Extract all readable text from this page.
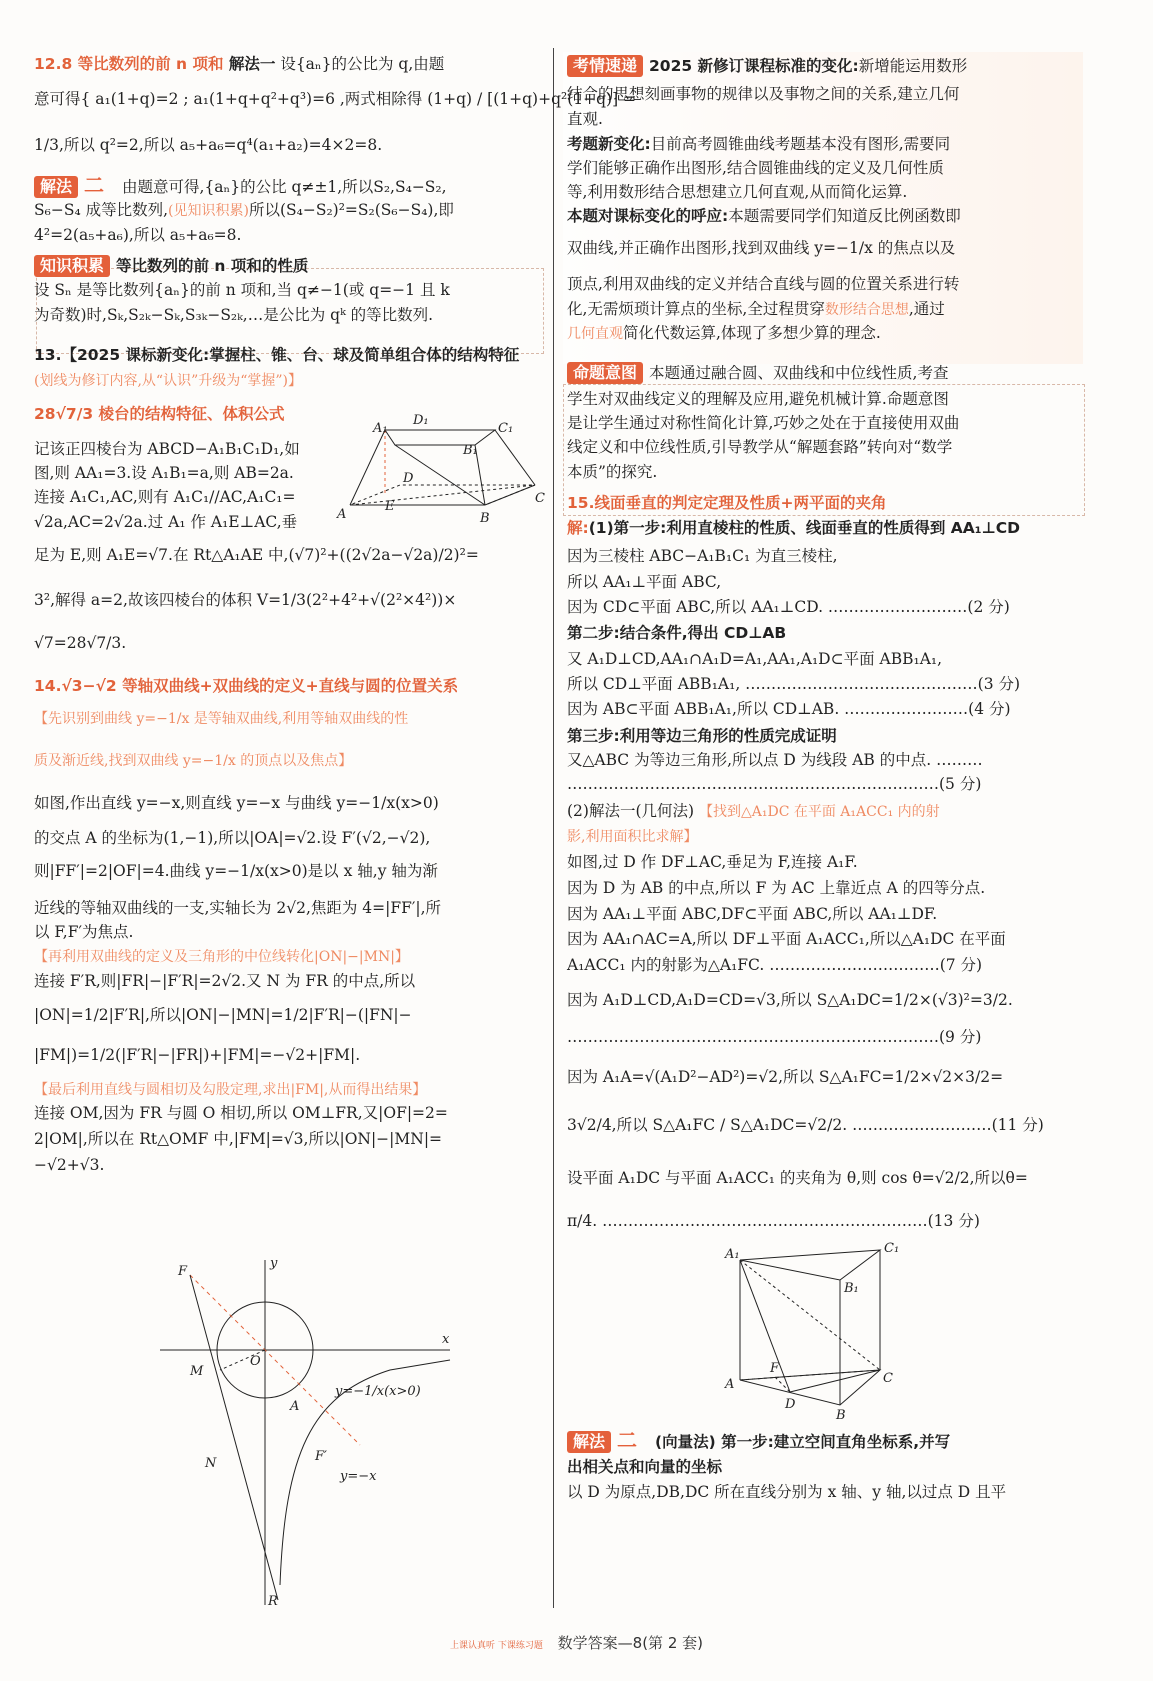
12.8 等比数列的前 n 项和 解法一 设{aₙ}的公比为 q,由题
意可得{ a₁(1+q)=2 ; a₁(1+q+q²+q³)=6 ,两式相除得 (1+q) / [(1+q)+q²(1+q)] =
1/3,所以 q²=2,所以 a₅+a₆=q⁴(a₁+a₂)=4×2=8.
解法 二 由题意可得,{aₙ}的公比 q≠±1,所以S₂,S₄−S₂,
S₆−S₄ 成等比数列,(见知识积累)所以(S₄−S₂)²=S₂(S₆−S₄),即
4²=2(a₅+a₆),所以 a₅+a₆=8.
知识积累 等比数列的前 n 项和的性质
设 Sₙ 是等比数列{aₙ}的前 n 项和,当 q≠−1(或 q=−1 且 k
为奇数)时,Sₖ,S₂ₖ−Sₖ,S₃ₖ−S₂ₖ,…是公比为 qᵏ 的等比数列.
13.【2025 课标新变化:掌握柱、锥、台、球及简单组合体的结构特征
(划线为修订内容,从“认识”升级为“掌握”)】
28√7/3 棱台的结构特征、体积公式
记该正四棱台为 ABCD−A₁B₁C₁D₁,如
图,则 AA₁=3.设 A₁B₁=a,则 AB=2a.
连接 A₁C₁,AC,则有 A₁C₁//AC,A₁C₁=
√2a,AC=2√2a.过 A₁ 作 A₁E⊥AC,垂
足为 E,则 A₁E=√7.在 Rt△A₁AE 中,(√7)²+((2√2a−√2a)/2)²=
3²,解得 a=2,故该四棱台的体积 V=1/3(2²+4²+√(2²×4²))×
√7=28√7/3.
14.√3−√2 等轴双曲线+双曲线的定义+直线与圆的位置关系
【先识别到曲线 y=−1/x 是等轴双曲线,利用等轴双曲线的性
质及渐近线,找到双曲线 y=−1/x 的顶点以及焦点】
如图,作出直线 y=−x,则直线 y=−x 与曲线 y=−1/x(x>0)
的交点 A 的坐标为(1,−1),所以|OA|=√2.设 F′(√2,−√2),
则|FF′|=2|OF|=4.曲线 y=−1/x(x>0)是以 x 轴,y 轴为渐
近线的等轴双曲线的一支,实轴长为 2√2,焦距为 4=|FF′|,所
以 F,F′为焦点.
【再利用双曲线的定义及三角形的中位线转化|ON|−|MN|】
连接 F′R,则|FR|−|F′R|=2√2.又 N 为 FR 的中点,所以
|ON|=1/2|F′R|,所以|ON|−|MN|=1/2|F′R|−(|FN|−
|FM|)=1/2(|F′R|−|FR|)+|FM|=−√2+|FM|.
【最后利用直线与圆相切及勾股定理,求出|FM|,从而得出结果】
连接 OM,因为 FR 与圆 O 相切,所以 OM⊥FR,又|OF|=2=
2|OM|,所以在 Rt△OMF 中,|FM|=√3,所以|ON|−|MN|=
−√2+√3.
考情速递 2025 新修订课程标准的变化:新增能运用数形
结合的思想刻画事物的规律以及事物之间的关系,建立几何
直观.
考题新变化:目前高考圆锥曲线考题基本没有图形,需要同
学们能够正确作出图形,结合圆锥曲线的定义及几何性质
等,利用数形结合思想建立几何直观,从而简化运算.
本题对课标变化的呼应:本题需要同学们知道反比例函数即
双曲线,并正确作出图形,找到双曲线 y=−1/x 的焦点以及
顶点,利用双曲线的定义并结合直线与圆的位置关系进行转
化,无需烦琐计算点的坐标,全过程贯穿数形结合思想,通过
几何直观简化代数运算,体现了多想少算的理念.
命题意图 本题通过融合圆、双曲线和中位线性质,考查
学生对双曲线定义的理解及应用,避免机械计算.命题意图
是让学生通过对称性简化计算,巧妙之处在于直接使用双曲
线定义和中位线性质,引导教学从“解题套路”转向对“数学
本质”的探究.
15.线面垂直的判定定理及性质+两平面的夹角
解:(1)第一步:利用直棱柱的性质、线面垂直的性质得到 AA₁⊥CD
因为三棱柱 ABC−A₁B₁C₁ 为直三棱柱,
所以 AA₁⊥平面 ABC,
因为 CD⊂平面 ABC,所以 AA₁⊥CD. ………………………(2 分)
第二步:结合条件,得出 CD⊥AB
又 A₁D⊥CD,AA₁∩A₁D=A₁,AA₁,A₁D⊂平面 ABB₁A₁,
所以 CD⊥平面 ABB₁A₁, ………………………………………(3 分)
因为 AB⊂平面 ABB₁A₁,所以 CD⊥AB. ……………………(4 分)
第三步:利用等边三角形的性质完成证明
又△ABC 为等边三角形,所以点 D 为线段 AB 的中点. ………
………………………………………………………………(5 分)
(2)解法一(几何法) 【找到△A₁DC 在平面 A₁ACC₁ 内的射
影,利用面积比求解】
如图,过 D 作 DF⊥AC,垂足为 F,连接 A₁F.
因为 D 为 AB 的中点,所以 F 为 AC 上靠近点 A 的四等分点.
因为 AA₁⊥平面 ABC,DF⊂平面 ABC,所以 AA₁⊥DF.
因为 AA₁∩AC=A,所以 DF⊥平面 A₁ACC₁,所以△A₁DC 在平面
A₁ACC₁ 内的射影为△A₁FC. ……………………………(7 分)
因为 A₁D⊥CD,A₁D=CD=√3,所以 S△A₁DC=1/2×(√3)²=3/2.
………………………………………………………………(9 分)
因为 A₁A=√(A₁D²−AD²)=√2,所以 S△A₁FC=1/2×√2×3/2=
3√2/4,所以 S△A₁FC / S△A₁DC=√2/2. ………………………(11 分)
设平面 A₁DC 与平面 A₁ACC₁ 的夹角为 θ,则 cos θ=√2/2,所以θ=
π/4. ………………………………………………………(13 分)
解法 二 (向量法) 第一步:建立空间直角坐标系,并写
出相关点和向量的坐标
以 D 为原点,DB,DC 所在直线分别为 x 轴、y 轴,以过点 D 且平
D₁
A₁	C₁
B₁
D
E
A	B
C
y
x
O
F
M
N
A
F′
R
y=−1/x(x>0)
y=−x
A₁	C₁
B₁
F
A
D
C
B
上课认真听 下课练习题 数学答案—8(第 2 套)
